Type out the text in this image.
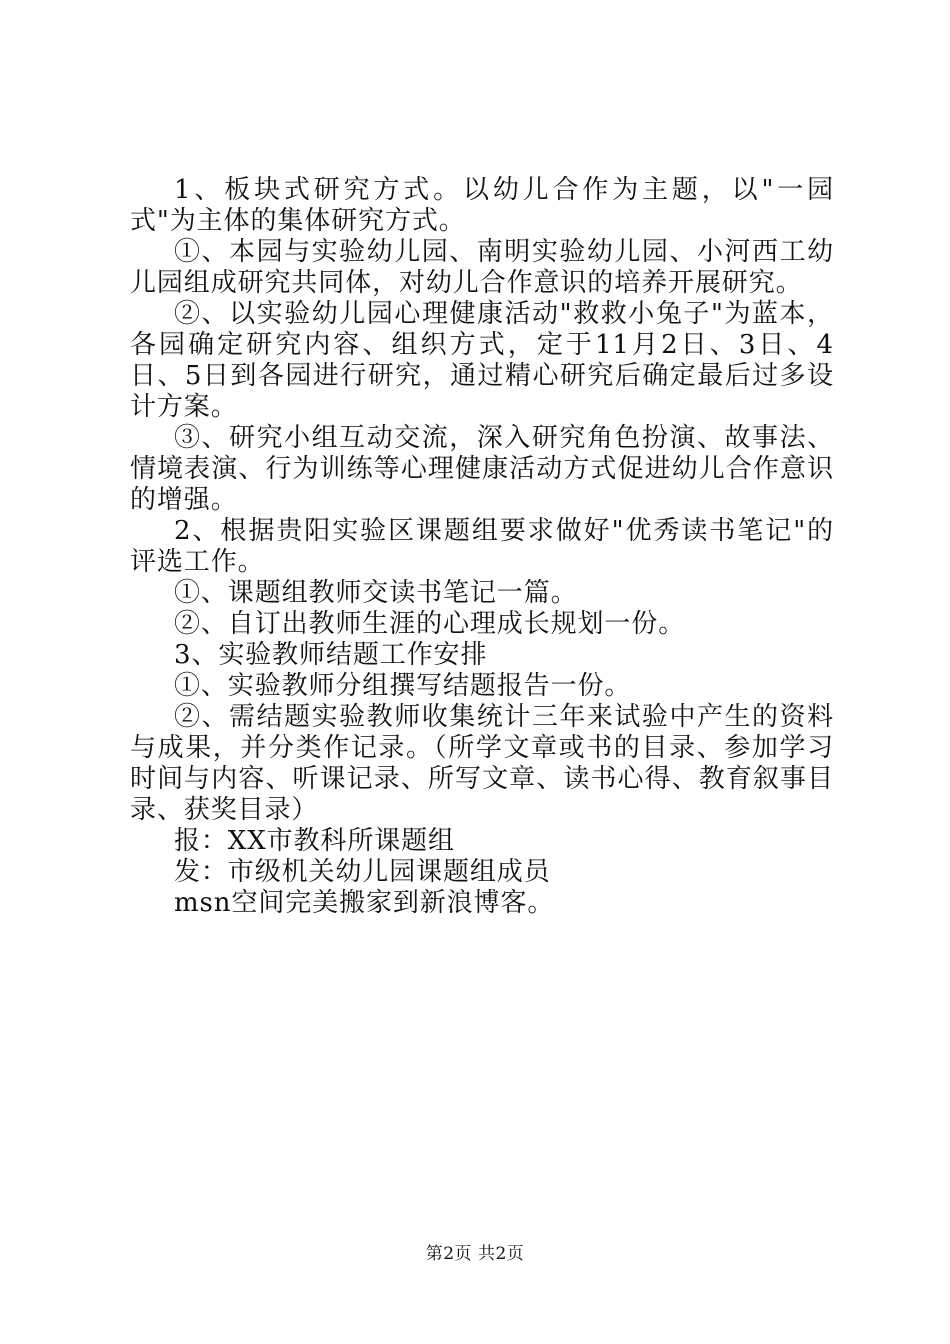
1、板块式研究方式。以幼儿合作为主题，以"一园式"为主体的集体研究方式。

①、本园与实验幼儿园、南明实验幼儿园、小河西工幼儿园组成研究共同体，对幼儿合作意识的培养开展研究。

②、以实验幼儿园心理健康活动"救救小兔子"为蓝本，各园确定研究内容、组织方式，定于11月2日、3日、4日、5日到各园进行研究，通过精心研究后确定最后过多设计方案。

③、研究小组互动交流，深入研究角色扮演、故事法、情境表演、行为训练等心理健康活动方式促进幼儿合作意识的增强。

2、根据贵阳实验区课题组要求做好"优秀读书笔记"的评选工作。

①、课题组教师交读书笔记一篇。

②、自订出教师生涯的心理成长规划一份。

3、实验教师结题工作安排

①、实验教师分组撰写结题报告一份。

②、需结题实验教师收集统计三年来试验中产生的资料与成果，并分类作记录。（所学文章或书的目录、参加学习时间与内容、听课记录、所写文章、读书心得、教育叙事目录、获奖目录）

报：XX市教科所课题组

发：市级机关幼儿园课题组成员

msn空间完美搬家到新浪博客。

第2页 共2页
